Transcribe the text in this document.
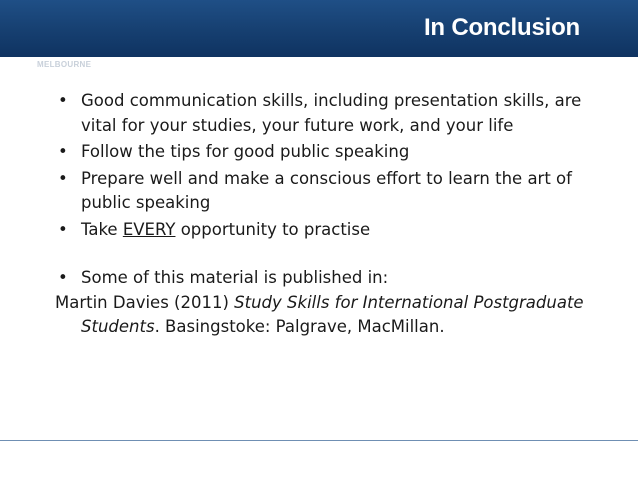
In Conclusion
MELBOURNE
• Good communication skills, including presentation skills, are vital for your studies, your future work, and your life
• Follow the tips for good public speaking
• Prepare well and make a conscious effort to learn the art of public speaking
• Take EVERY opportunity to practise
• Some of this material is published in:
Martin Davies (2011) Study Skills for International Postgraduate Students. Basingstoke: Palgrave, MacMillan.
